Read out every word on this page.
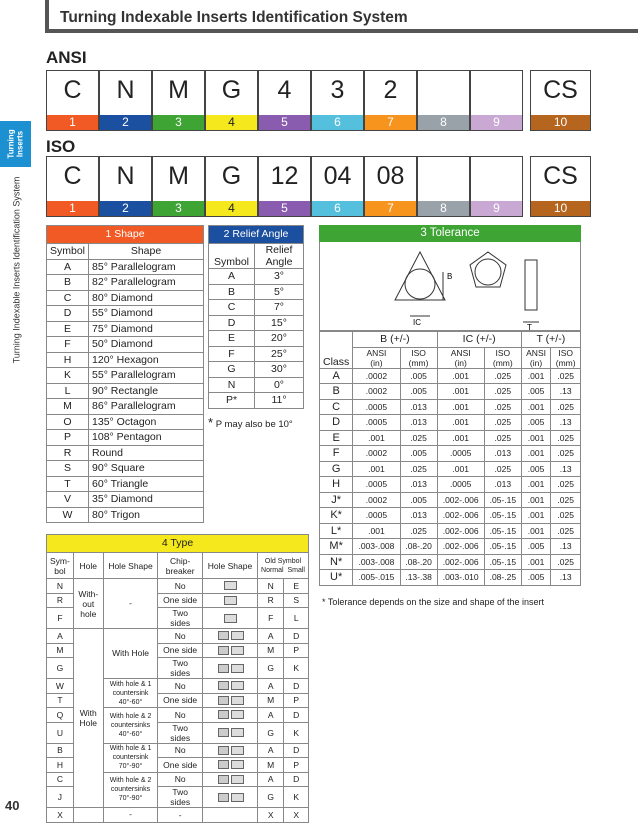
Turning Indexable Inserts Identification System
Turning Inserts
Turning Indexable Inserts Identification System
40
ANSI
C
1
N
2
M
3
G
4
4
5
3
6
2
7	8	9
CS
10
ISO
C
1
N
2
M
3
G
4
12
5
04
6
08
7	8	9
CS
10
1 Shape	
Symbol	Shape
A	85° Parallelogram
B	82° Parallelogram
C	80° Diamond
D	55° Diamond
E	75° Diamond
F	50° Diamond
H	120° Hexagon
K	55° Parallelogram
L	90° Rectangle
M	86° Parallelogram
O	135° Octagon
P	108° Pentagon
R	Round
S	90° Square
T	60° Triangle
V	35° Diamond
W	80° Trigon
2 Relief Angle	
Symbol	Relief
Angle
A	3°
B	5°
C	7°
D	15°
E	20°
F	25°
G	30°
N	0°
P*	11°
* P may also be 10°
3 Tolerance
B
IC
T
Class	B (+/-)		IC (+/-)		T (+/-)	
	ANSI
(in)	ISO
(mm)	ANSI
(in)	ISO
(mm)	ANSI
(in)	ISO
(mm)
A	.0002	.005	.001	.025	.001	.025
B	.0002	.005	.001	.025	.005	.13
C	.0005	.013	.001	.025	.001	.025
D	.0005	.013	.001	.025	.005	.13
E	.001	.025	.001	.025	.001	.025
F	.0002	.005	.0005	.013	.001	.025
G	.001	.025	.001	.025	.005	.13
H	.0005	.013	.0005	.013	.001	.025
J*	.0002	.005	.002-.006	.05-.15	.001	.025
K*	.0005	.013	.002-.006	.05-.15	.001	.025
L*	.001	.025	.002-.006	.05-.15	.001	.025
M*	.003-.008	.08-.20	.002-.006	.05-.15	.005	.13
N*	.003-.008	.08-.20	.002-.006	.05-.15	.001	.025
U*	.005-.015	.13-.38	.003-.010	.08-.25	.005	.13
* Tolerance depends on the size and shape of the insert
4 Type						
Sym-bol	Hole	Hole Shape	Chip-breaker	Hole Shape	Old Symbol
Normal Small	
N	With-out hole	-	No		N	E
R			One side		R	S
F			Two sides		F	L
A	With Hole	With Hole	No		A	D
M			One side		M	P
G			Two sides		G	K
W		With hole & 1 countersink 40°-60°	No		A	D
T			One side		M	P
Q		With hole & 2 countersinks 40°-60°	No		A	D
U			Two sides		G	K
B		With hole & 1 countersink 70°-90°	No		A	D
H			One side		M	P
C		With hole & 2 countersinks 70°-90°	No		A	D
J			Two sides		G	K
X		-	-		X	X
